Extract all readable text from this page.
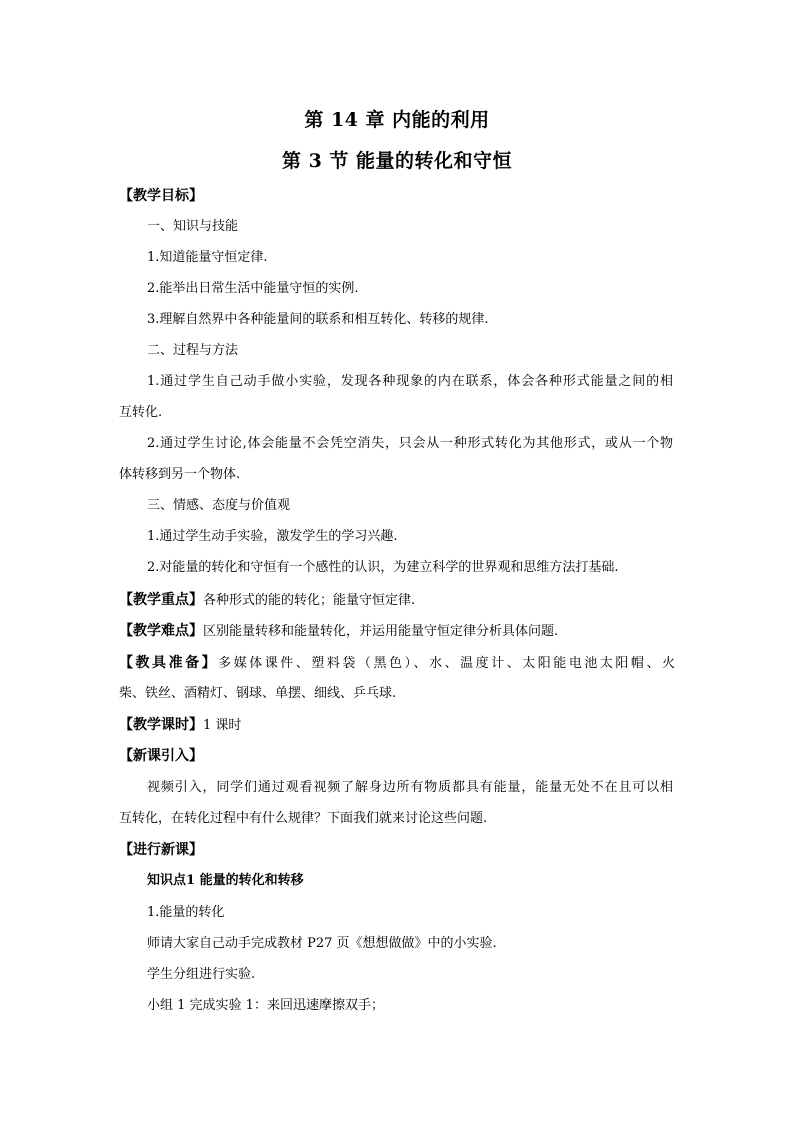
第 14 章 内能的利用
第 3 节 能量的转化和守恒
【教学目标】
一、知识与技能
1.知道能量守恒定律.
2.能举出日常生活中能量守恒的实例.
3.理解自然界中各种能量间的联系和相互转化、转移的规律.
二、过程与方法
1.通过学生自己动手做小实验，发现各种现象的内在联系，体会各种形式能量之间的相
互转化.
2.通过学生讨论,体会能量不会凭空消失，只会从一种形式转化为其他形式，或从一个物
体转移到另一个物体.
三、情感、态度与价值观
1.通过学生动手实验，激发学生的学习兴趣.
2.对能量的转化和守恒有一个感性的认识，为建立科学的世界观和思维方法打基础.
【教学重点】各种形式的能的转化；能量守恒定律.
【教学难点】区别能量转移和能量转化，并运用能量守恒定律分析具体问题.
【教具准备】多媒体课件、塑料袋（黑色）、水、温度计、太阳能电池太阳帽、火
柴、铁丝、酒精灯、钢球、单摆、细线、乒乓球.
【教学课时】1 课时
【新课引入】
视频引入，同学们通过观看视频了解身边所有物质都具有能量，能量无处不在且可以相
互转化，在转化过程中有什么规律？下面我们就来讨论这些问题.
【进行新课】
知识点1 能量的转化和转移
1.能量的转化
师请大家自己动手完成教材 P27 页《想想做做》中的小实验.
学生分组进行实验.
小组 1 完成实验 1：来回迅速摩擦双手；
